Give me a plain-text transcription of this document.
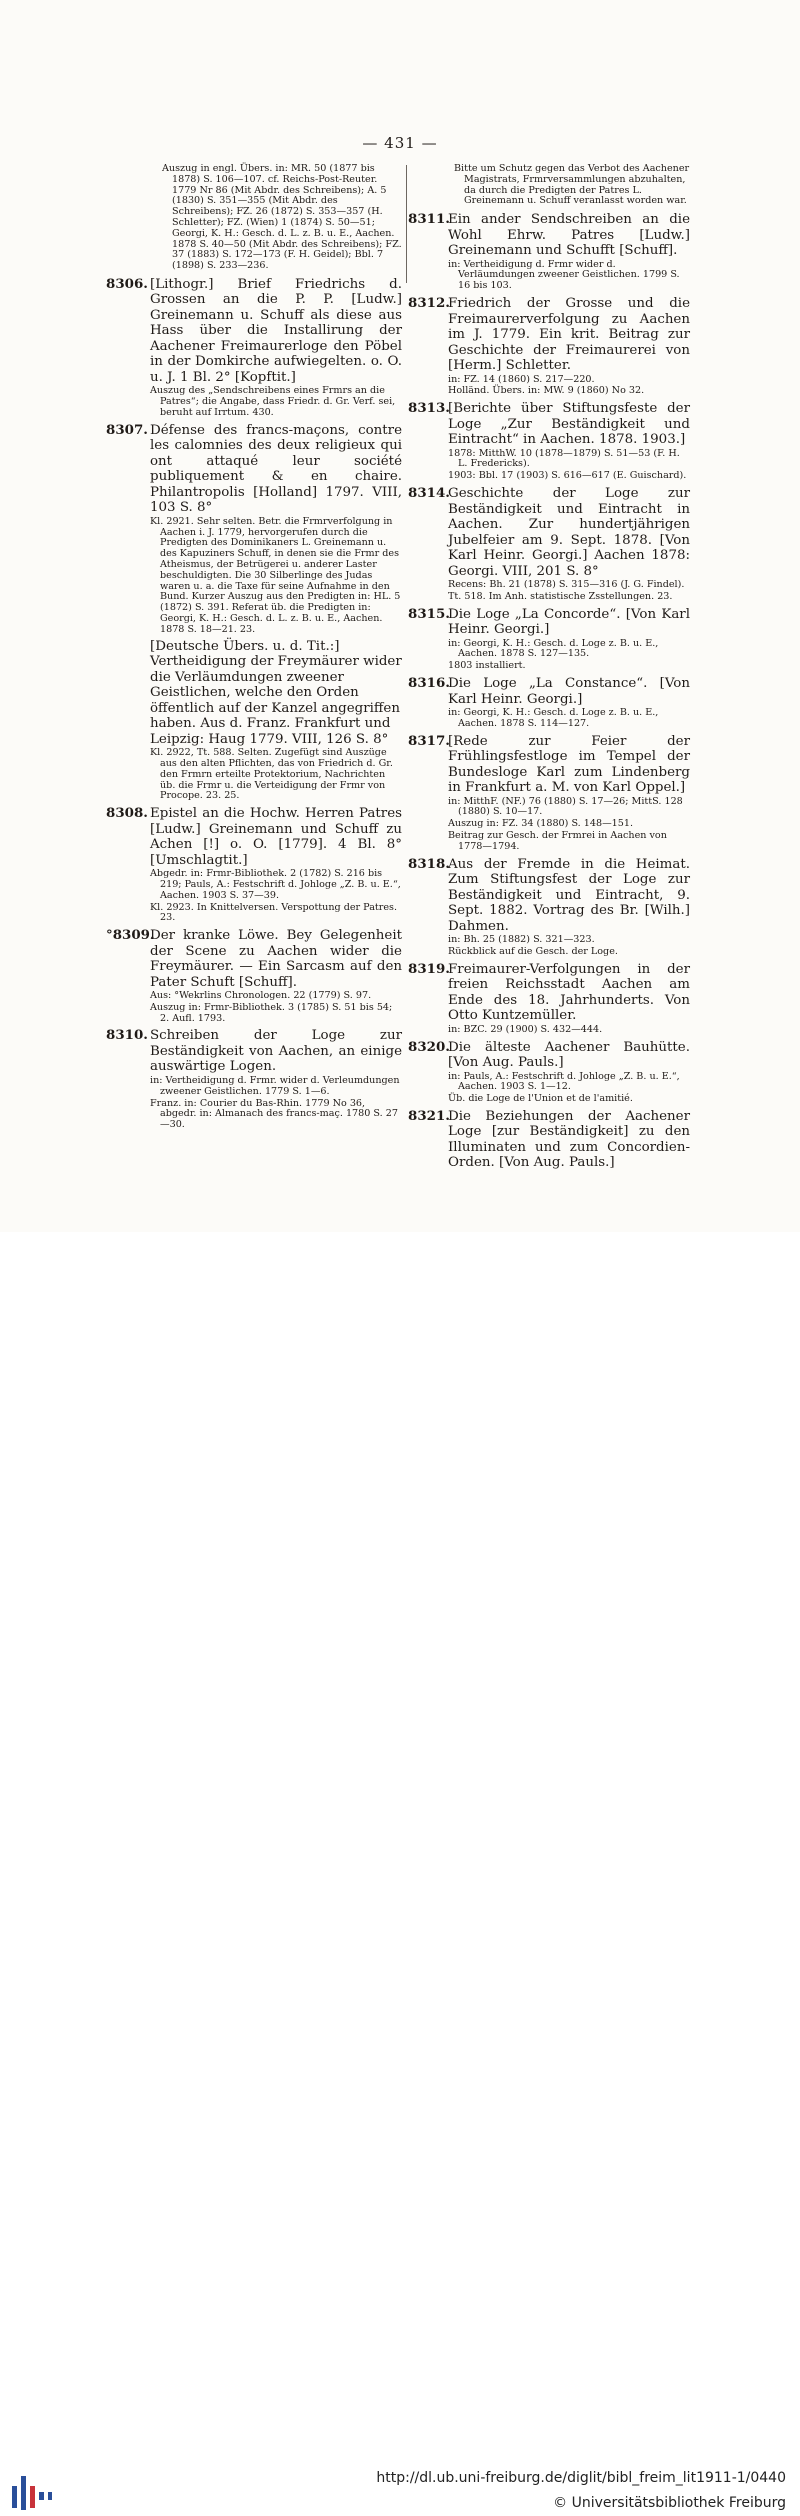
— 431 —
Auszug in engl. Übers. in: MR. 50 (1877 bis 1878) S. 106—107. cf. Reichs-Post-Reuter. 1779 Nr 86 (Mit Abdr. des Schreibens); A. 5 (1830) S. 351—355 (Mit Abdr. des Schreibens); FZ. 26 (1872) S. 353—357 (H. Schletter); FZ. (Wien) 1 (1874) S. 50—51; Georgi, K. H.: Gesch. d. L. z. B. u. E., Aachen. 1878 S. 40—50 (Mit Abdr. des Schreibens); FZ. 37 (1883) S. 172—173 (F. H. Geidel); Bbl. 7 (1898) S. 233—236.
8306. [Lithogr.] Brief Friedrichs d. Grossen an die P. P. [Ludw.] Greinemann u. Schuff als diese aus Hass über die Installirung der Aachener Freimaurerloge den Pöbel in der Domkirche aufwiegelten. o. O. u. J. 1 Bl. 2° [Kopftit.]
Auszug des „Sendschreibens eines Frmrs an die Patres“; die Angabe, dass Friedr. d. Gr. Verf. sei, beruht auf Irrtum. 430.
8307. Défense des francs-maçons, contre les calomnies des deux religieux qui ont attaqué leur société publiquement & en chaire. Philantropolis [Holland] 1797. VIII, 103 S. 8°
Kl. 2921. Sehr selten. Betr. die Frmrverfolgung in Aachen i. J. 1779, hervorgerufen durch die Predigten des Dominikaners L. Greinemann u. des Kapuziners Schuff, in denen sie die Frmr des Atheismus, der Betrügerei u. anderer Laster beschuldigten. Die 30 Silberlinge des Judas waren u. a. die Taxe für seine Aufnahme in den Bund. Kurzer Auszug aus den Predigten in: HL. 5 (1872) S. 391. Referat üb. die Predigten in: Georgi, K. H.: Gesch. d. L. z. B. u. E., Aachen. 1878 S. 18—21. 23.
[Deutsche Übers. u. d. Tit.:] Vertheidigung der Freymäurer wider die Verläumdungen zweener Geistlichen, welche den Orden öffentlich auf der Kanzel angegriffen haben. Aus d. Franz. Frankfurt und Leipzig: Haug 1779. VIII, 126 S. 8°
Kl. 2922, Tt. 588. Selten. Zugefügt sind Auszüge aus den alten Pflichten, das von Friedrich d. Gr. den Frmrn erteilte Protektorium, Nachrichten üb. die Frmr u. die Verteidigung der Frmr von Procope. 23. 25.
8308. Epistel an die Hochw. Herren Patres [Ludw.] Greinemann und Schuff zu Achen [!] o. O. [1779]. 4 Bl. 8° [Umschlagtit.]
Abgedr. in: Frmr-Bibliothek. 2 (1782) S. 216 bis 219; Pauls, A.: Festschrift d. Johloge „Z. B. u. E.“, Aachen. 1903 S. 37—39.
Kl. 2923. In Knittelversen. Verspottung der Patres. 23.
°8309.
Der kranke Löwe. Bey Gelegenheit der Scene zu Aachen wider die Freymäurer. — Ein Sarcasm auf den Pater Schuft [Schuff].
Aus: °Wekrlins Chronologen. 22 (1779) S. 97.
Auszug in: Frmr-Bibliothek. 3 (1785) S. 51 bis 54; 2. Aufl. 1793.
8310. Schreiben der Loge zur Beständigkeit von Aachen, an einige auswärtige Logen.
in: Vertheidigung d. Frmr. wider d. Verleumdungen zweener Geistlichen. 1779 S. 1—6.
Franz. in: Courier du Bas-Rhin. 1779 No 36, abgedr. in: Almanach des francs-maç. 1780 S. 27—30.
Bitte um Schutz gegen das Verbot des Aachener Magistrats, Frmrversammlungen abzuhalten, da durch die Predigten der Patres L. Greinemann u. Schuff veranlasst worden war.
8311.
Ein ander Sendschreiben an die Wohl Ehrw. Patres [Ludw.] Greinemann und Schufft [Schuff].
in: Vertheidigung d. Frmr wider d. Verläumdungen zweener Geistlichen. 1799 S. 16 bis 103.
8312.
Friedrich der Grosse und die Freimaurerverfolgung zu Aachen im J. 1779. Ein krit. Beitrag zur Geschichte der Freimaurerei von [Herm.] Schletter.
in: FZ. 14 (1860) S. 217—220.
Holländ. Übers. in: MW. 9 (1860) No 32.
8313.
[Berichte über Stiftungsfeste der Loge „Zur Beständigkeit und Eintracht“ in Aachen. 1878. 1903.]
1878: MitthW. 10 (1878—1879) S. 51—53 (F. H. L. Fredericks).
1903: Bbl. 17 (1903) S. 616—617 (E. Guischard).
8314.
Geschichte der Loge zur Beständigkeit und Eintracht in Aachen. Zur hundertjährigen Jubelfeier am 9. Sept. 1878. [Von Karl Heinr. Georgi.] Aachen 1878: Georgi. VIII, 201 S. 8°
Recens: Bh. 21 (1878) S. 315—316 (J. G. Findel).
Tt. 518. Im Anh. statistische Zsstellungen. 23.
8315.
Die Loge „La Concorde“. [Von Karl Heinr. Georgi.]
in: Georgi, K. H.: Gesch. d. Loge z. B. u. E., Aachen. 1878 S. 127—135.
1803 installiert.
8316.
Die Loge „La Constance“. [Von Karl Heinr. Georgi.]
in: Georgi, K. H.: Gesch. d. Loge z. B. u. E., Aachen. 1878 S. 114—127.
8317.
[Rede zur Feier der Frühlingsfestloge im Tempel der Bundesloge Karl zum Lindenberg in Frankfurt a. M. von Karl Oppel.]
in: MitthF. (NF.) 76 (1880) S. 17—26; MittS. 128 (1880) S. 10—17.
Auszug in: FZ. 34 (1880) S. 148—151.
Beitrag zur Gesch. der Frmrei in Aachen von 1778—1794.
8318.
Aus der Fremde in die Heimat. Zum Stiftungsfest der Loge zur Beständigkeit und Eintracht, 9. Sept. 1882. Vortrag des Br. [Wilh.] Dahmen.
in: Bh. 25 (1882) S. 321—323.
Rückblick auf die Gesch. der Loge.
8319.
Freimaurer-Verfolgungen in der freien Reichsstadt Aachen am Ende des 18. Jahrhunderts. Von Otto Kuntzemüller.
in: BZC. 29 (1900) S. 432—444.
8320.
Die älteste Aachener Bauhütte. [Von Aug. Pauls.]
in: Pauls, A.: Festschrift d. Johloge „Z. B. u. E.“, Aachen. 1903 S. 1—12.
Üb. die Loge de l'Union et de l'amitié.
8321.
Die Beziehungen der Aachener Loge [zur Beständigkeit] zu den Illuminaten und zum Concordien-Orden. [Von Aug. Pauls.]
http://dl.ub.uni-freiburg.de/diglit/bibl_freim_lit1911-1/0440
© Universitätsbibliothek Freiburg
